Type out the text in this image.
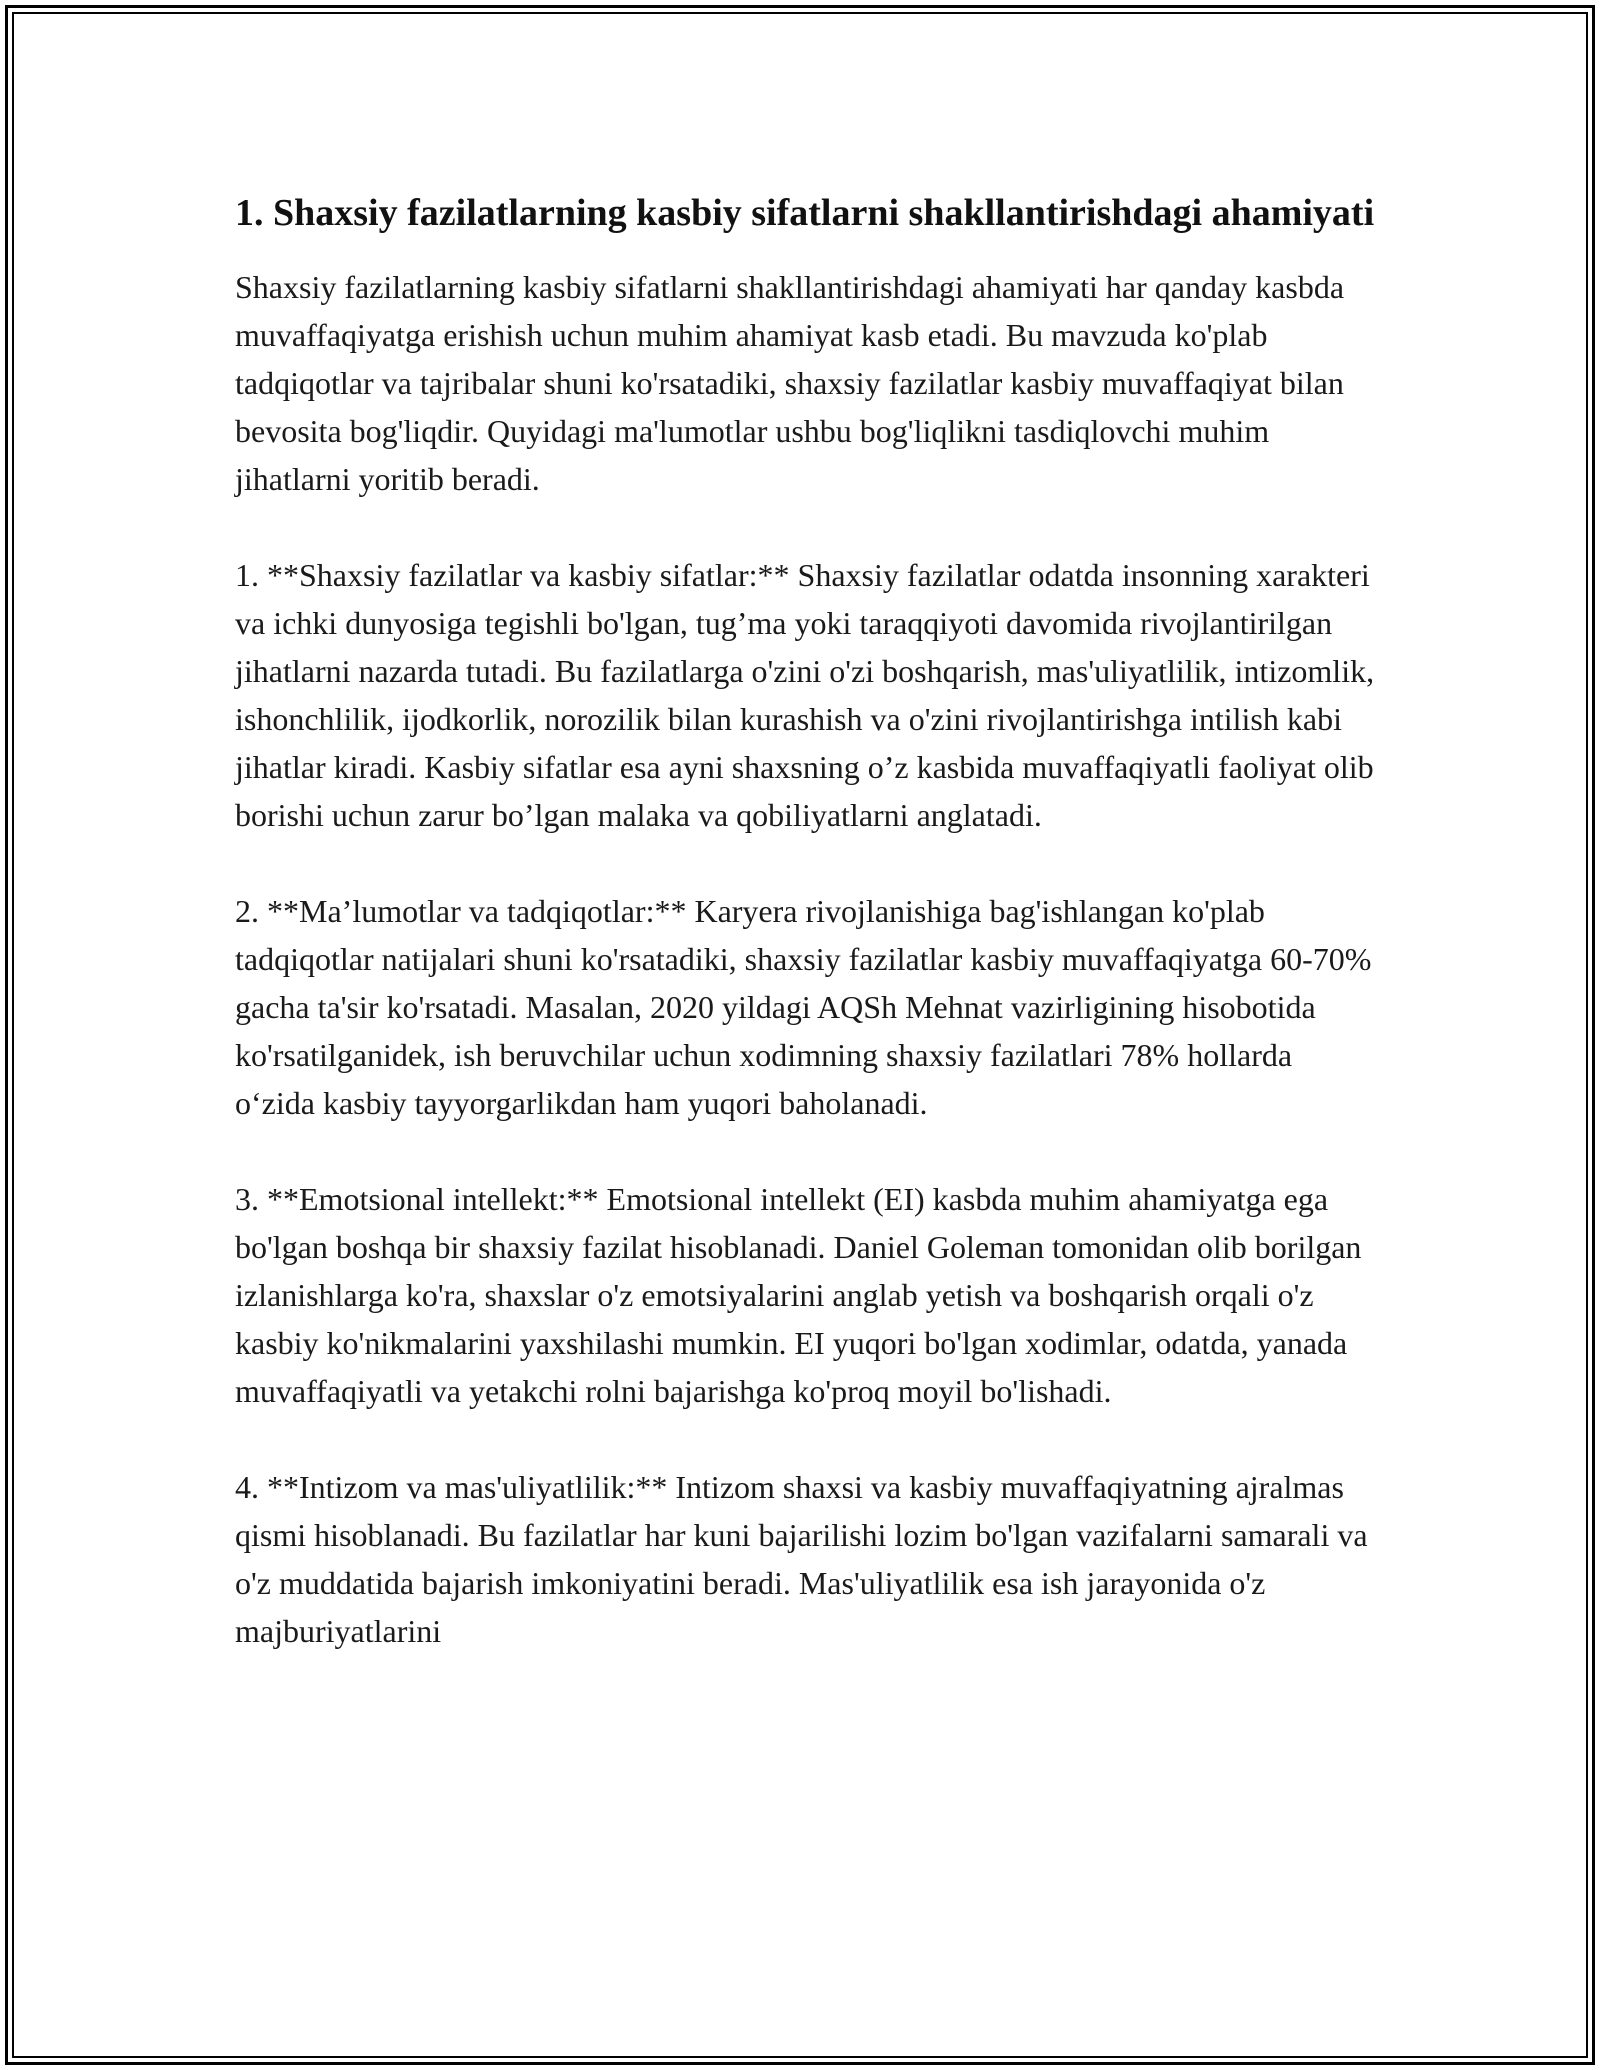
1. Shaxsiy fazilatlarning kasbiy sifatlarni shakllantirishdagi ahamiyati

Shaxsiy fazilatlarning kasbiy sifatlarni shakllantirishdagi ahamiyati har qanday kasbda muvaffaqiyatga erishish uchun muhim ahamiyat kasb etadi. Bu mavzuda ko'plab tadqiqotlar va tajribalar shuni ko'rsatadiki, shaxsiy fazilatlar kasbiy muvaffaqiyat bilan bevosita bog'liqdir. Quyidagi ma'lumotlar ushbu bog'liqlikni tasdiqlovchi muhim jihatlarni yoritib beradi.

1. **Shaxsiy fazilatlar va kasbiy sifatlar:** Shaxsiy fazilatlar odatda insonning xarakteri va ichki dunyosiga tegishli bo'lgan, tug’ma yoki taraqqiyoti davomida rivojlantirilgan jihatlarni nazarda tutadi. Bu fazilatlarga o'zini o'zi boshqarish, mas'uliyatlilik, intizomlik, ishonchlilik, ijodkorlik, norozilik bilan kurashish va o'zini rivojlantirishga intilish kabi jihatlar kiradi. Kasbiy sifatlar esa ayni shaxsning o’z kasbida muvaffaqiyatli faoliyat olib borishi uchun zarur bo’lgan malaka va qobiliyatlarni anglatadi.

2. **Ma’lumotlar va tadqiqotlar:** Karyera rivojlanishiga bag'ishlangan ko'plab tadqiqotlar natijalari shuni ko'rsatadiki, shaxsiy fazilatlar kasbiy muvaffaqiyatga 60-70% gacha ta'sir ko'rsatadi. Masalan, 2020 yildagi AQSh Mehnat vazirligining hisobotida ko'rsatilganidek, ish beruvchilar uchun xodimning shaxsiy fazilatlari 78% hollarda o‘zida kasbiy tayyorgarlikdan ham yuqori baholanadi.

3. **Emotsional intellekt:** Emotsional intellekt (EI) kasbda muhim ahamiyatga ega bo'lgan boshqa bir shaxsiy fazilat hisoblanadi. Daniel Goleman tomonidan olib borilgan izlanishlarga ko'ra, shaxslar o'z emotsiyalarini anglab yetish va boshqarish orqali o'z kasbiy ko'nikmalarini yaxshilashi mumkin. EI yuqori bo'lgan xodimlar, odatda, yanada muvaffaqiyatli va yetakchi rolni bajarishga ko'proq moyil bo'lishadi.

4. **Intizom va mas'uliyatlilik:** Intizom shaxsi va kasbiy muvaffaqiyatning ajralmas qismi hisoblanadi. Bu fazilatlar har kuni bajarilishi lozim bo'lgan vazifalarni samarali va o'z muddatida bajarish imkoniyatini beradi. Mas'uliyatlilik esa ish jarayonida o'z majburiyatlarini
